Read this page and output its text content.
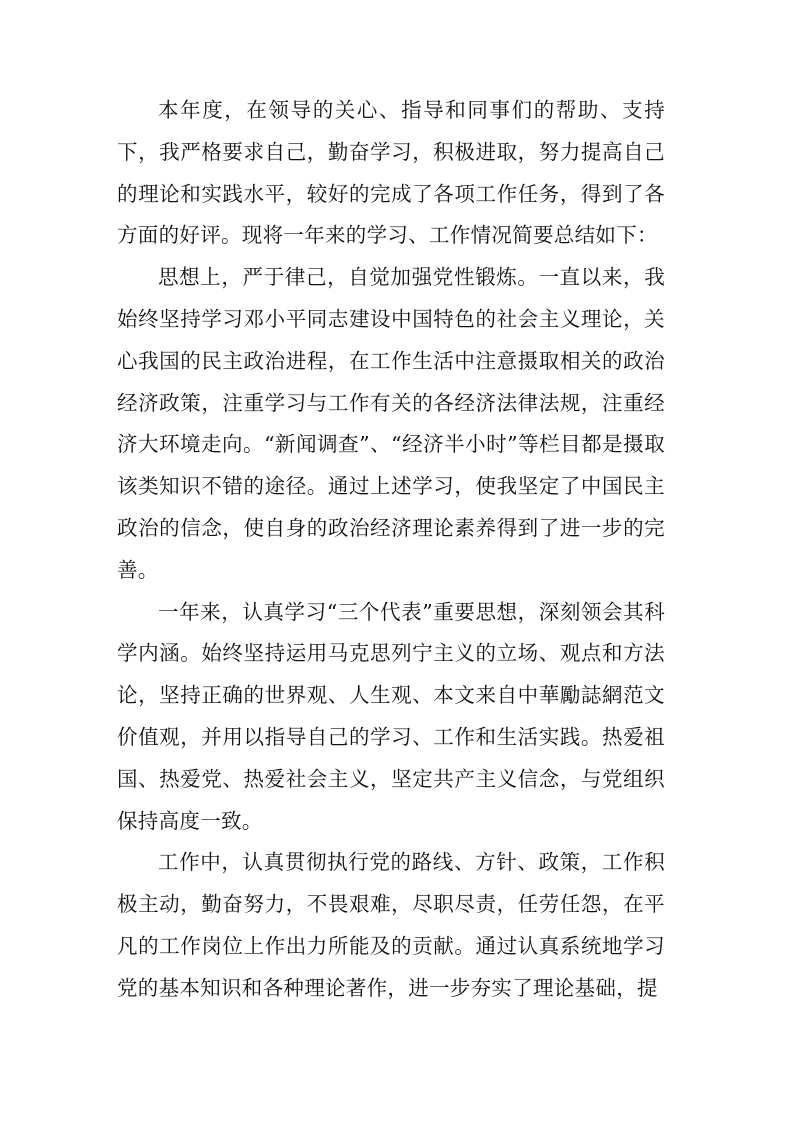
本年度，在领导的关心、指导和同事们的帮助、支持下，我严格要求自己，勤奋学习，积极进取，努力提高自己的理论和实践水平，较好的完成了各项工作任务，得到了各方面的好评。现将一年来的学习、工作情况简要总结如下：

思想上，严于律己，自觉加强党性锻炼。一直以来，我始终坚持学习邓小平同志建设中国特色的社会主义理论，关心我国的民主政治进程，在工作生活中注意摄取相关的政治经济政策，注重学习与工作有关的各经济法律法规，注重经济大环境走向。“新闻调查”、“经济半小时”等栏目都是摄取该类知识不错的途径。通过上述学习，使我坚定了中国民主政治的信念，使自身的政治经济理论素养得到了进一步的完善。

一年来，认真学习“三个代表”重要思想，深刻领会其科学内涵。始终坚持运用马克思列宁主义的立场、观点和方法论，坚持正确的世界观、人生观、本文来自中華勵誌網范文价值观，并用以指导自己的学习、工作和生活实践。热爱祖国、热爱党、热爱社会主义，坚定共产主义信念，与党组织保持高度一致。

工作中，认真贯彻执行党的路线、方针、政策，工作积极主动，勤奋努力，不畏艰难，尽职尽责，任劳任怨，在平凡的工作岗位上作出力所能及的贡献。通过认真系统地学习党的基本知识和各种理论著作，进一步夯实了理论基础，提
